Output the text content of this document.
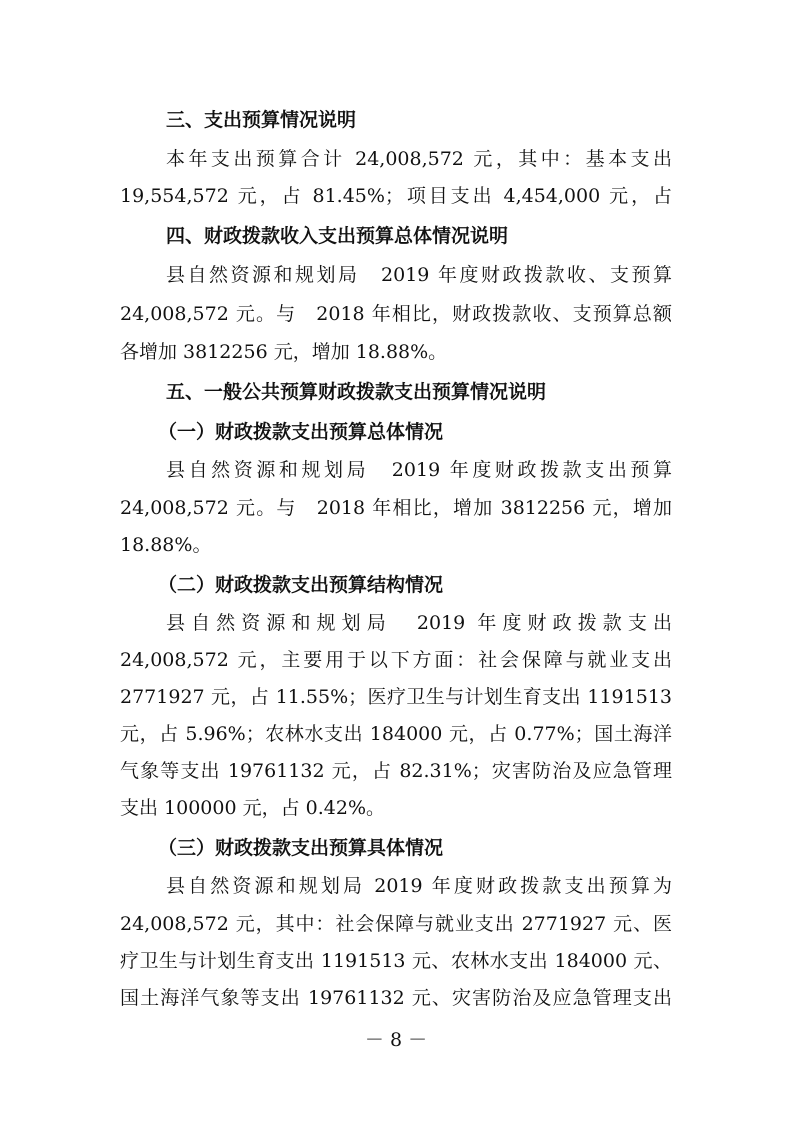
三、支出预算情况说明
本年支出预算合计 24,008,572 元，其中：基本支出
19,554,572 元，占 81.45%；项目支出 4,454,000 元，占
四、财政拨款收入支出预算总体情况说明
县自然资源和规划局　2019 年度财政拨款收、支预算
24,008,572 元。与　2018 年相比，财政拨款收、支预算总额
各增加 3812256 元，增加 18.88%。
五、一般公共预算财政拨款支出预算情况说明
（一）财政拨款支出预算总体情况
县自然资源和规划局　2019 年度财政拨款支出预算
24,008,572 元。与　2018 年相比，增加 3812256 元，增加
18.88%。
（二）财政拨款支出预算结构情况
县自然资源和规划局　2019 年度财政拨款支出
24,008,572 元，主要用于以下方面：社会保障与就业支出
2771927 元，占 11.55%；医疗卫生与计划生育支出 1191513
元，占 5.96%；农林水支出 184000 元，占 0.77%；国土海洋
气象等支出 19761132 元，占 82.31%；灾害防治及应急管理
支出 100000 元，占 0.42%。
（三）财政拨款支出预算具体情况
县自然资源和规划局 2019 年度财政拨款支出预算为
24,008,572 元，其中：社会保障与就业支出 2771927 元、医
疗卫生与计划生育支出 1191513 元、农林水支出 184000 元、
国土海洋气象等支出 19761132 元、灾害防治及应急管理支出
－ 8 －
